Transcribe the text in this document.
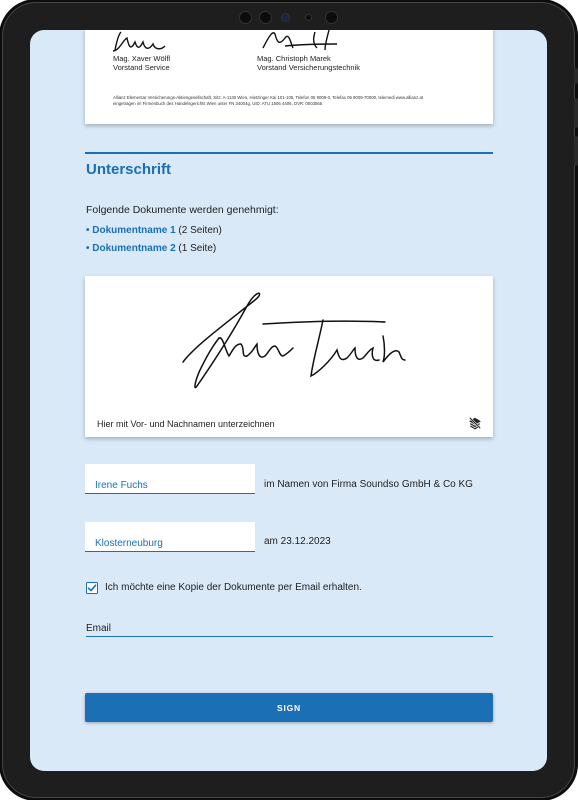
Mag. Xaver Wölfl
Vorstand Service
Mag. Christoph Marek
Vorstand Versicherungstechnik
Allianz Elementar Versicherungs-Aktiengesellschaft, Sitz: A-1130 Wien, Hietzinger Kai 101-105, Telefon 05 9009-0, Telefax 05 9009-70000, telemedi www.allianz.at
eingetragen im Firmenbuch des Handelsgerichts Wien unter FN 34004g, UID: ATU 1506 4406, DVR: 0003565
Unterschrift
Folgende Dokumente werden genehmigt:
• Dokumentname 1 (2 Seiten)
• Dokumentname 2 (1 Seite)
Hier mit Vor- und Nachnamen unterzeichnen
Irene Fuchs
im Namen von Firma Soundso GmbH & Co KG
Klosterneuburg
am 23.12.2023
Ich möchte eine Kopie der Dokumente per Email erhalten.
Email
SIGN
